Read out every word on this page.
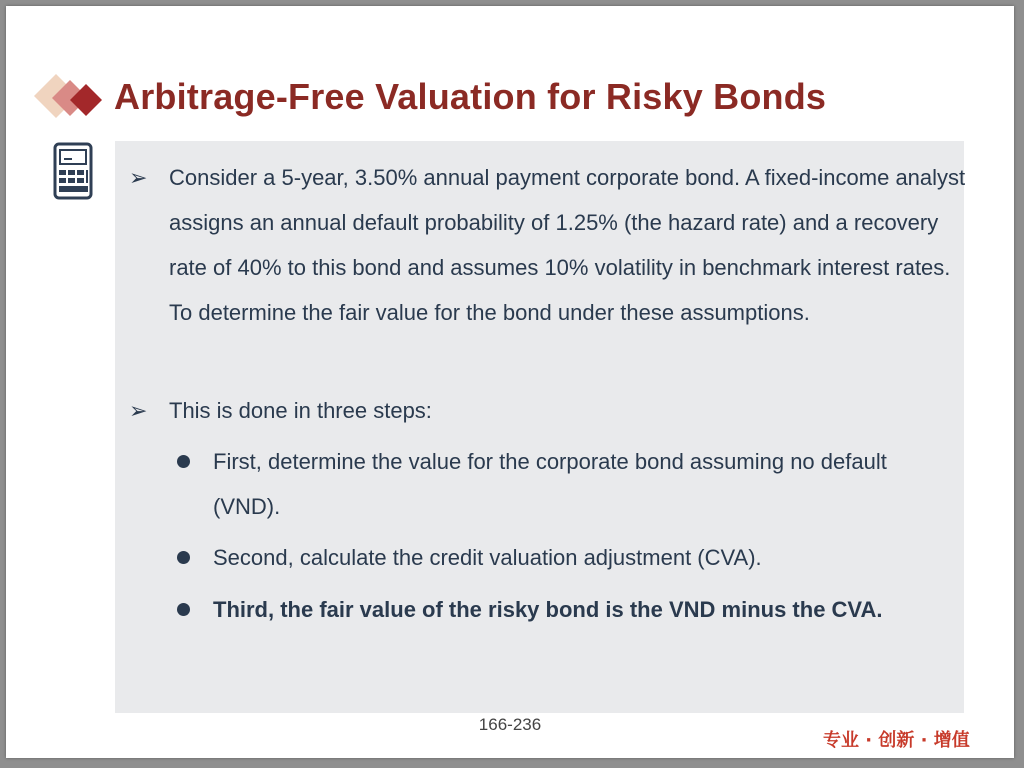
Arbitrage-Free Valuation for Risky Bonds
➢ Consider a 5-year, 3.50% annual payment corporate bond. A fixed-income analyst assigns an annual default probability of 1.25% (the hazard rate) and a recovery rate of 40% to this bond and assumes 10% volatility in benchmark interest rates. To determine the fair value for the bond under these assumptions.
➢ This is done in three steps:
First, determine the value for the corporate bond assuming no default (VND).
Second, calculate the credit valuation adjustment (CVA).
Third, the fair value of the risky bond is the VND minus the CVA.
166-236
专业 · 创新 · 增值
